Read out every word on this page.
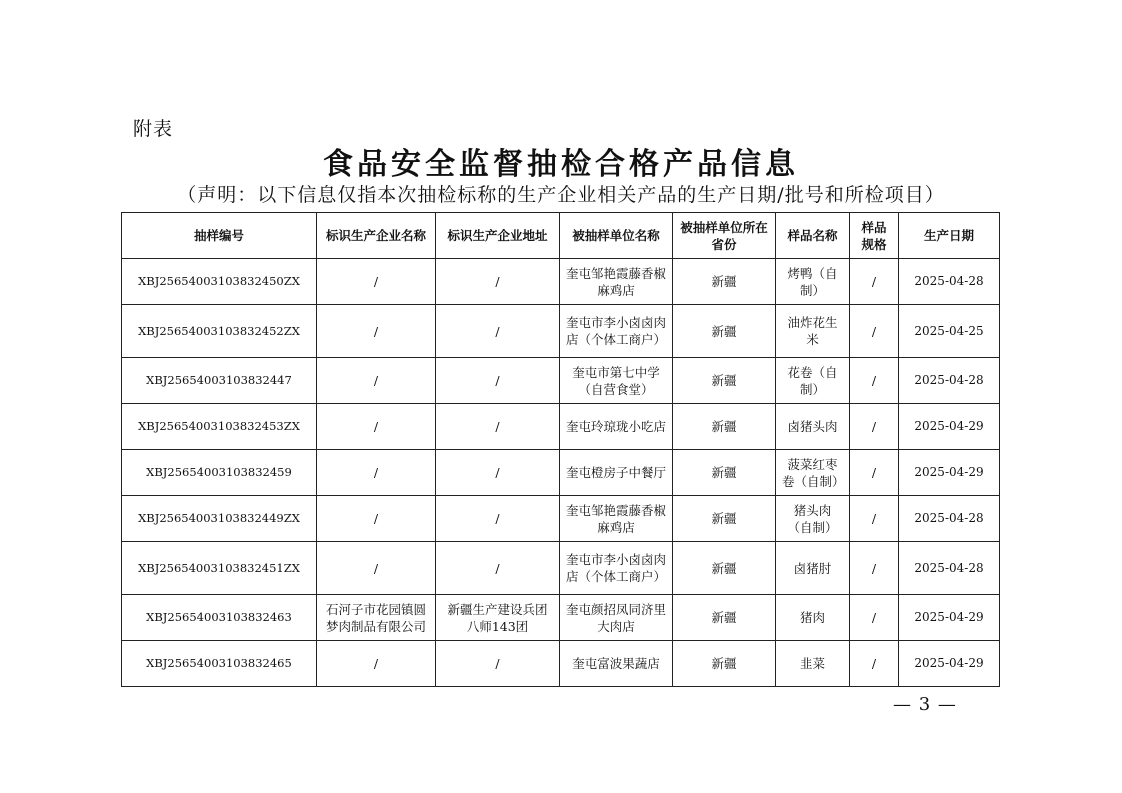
附表
食品安全监督抽检合格产品信息
（声明：以下信息仅指本次抽检标称的生产企业相关产品的生产日期/批号和所检项目）
抽样编号	标识生产企业名称	标识生产企业地址	被抽样单位名称	被抽样单位所在省份	样品名称	样品规格	生产日期
XBJ25654003103832450ZX	/	/	奎屯邹艳霞藤香椒麻鸡店	新疆	烤鸭（自制）	/	2025-04-28
XBJ25654003103832452ZX	/	/	奎屯市李小卤卤肉店（个体工商户）	新疆	油炸花生米	/	2025-04-25
XBJ25654003103832447	/	/	奎屯市第七中学（自营食堂）	新疆	花卷（自制）	/	2025-04-28
XBJ25654003103832453ZX	/	/	奎屯玲琼珑小吃店	新疆	卤猪头肉	/	2025-04-29
XBJ25654003103832459	/	/	奎屯橙房子中餐厅	新疆	菠菜红枣卷（自制）	/	2025-04-29
XBJ25654003103832449ZX	/	/	奎屯邹艳霞藤香椒麻鸡店	新疆	猪头肉（自制）	/	2025-04-28
XBJ25654003103832451ZX	/	/	奎屯市李小卤卤肉店（个体工商户）	新疆	卤猪肘	/	2025-04-28
XBJ25654003103832463	石河子市花园镇圆梦肉制品有限公司	新疆生产建设兵团八师143团	奎屯颜招凤同济里大肉店	新疆	猪肉	/	2025-04-29
XBJ25654003103832465	/	/	奎屯富波果蔬店	新疆	韭菜	/	2025-04-29
— 3 —
